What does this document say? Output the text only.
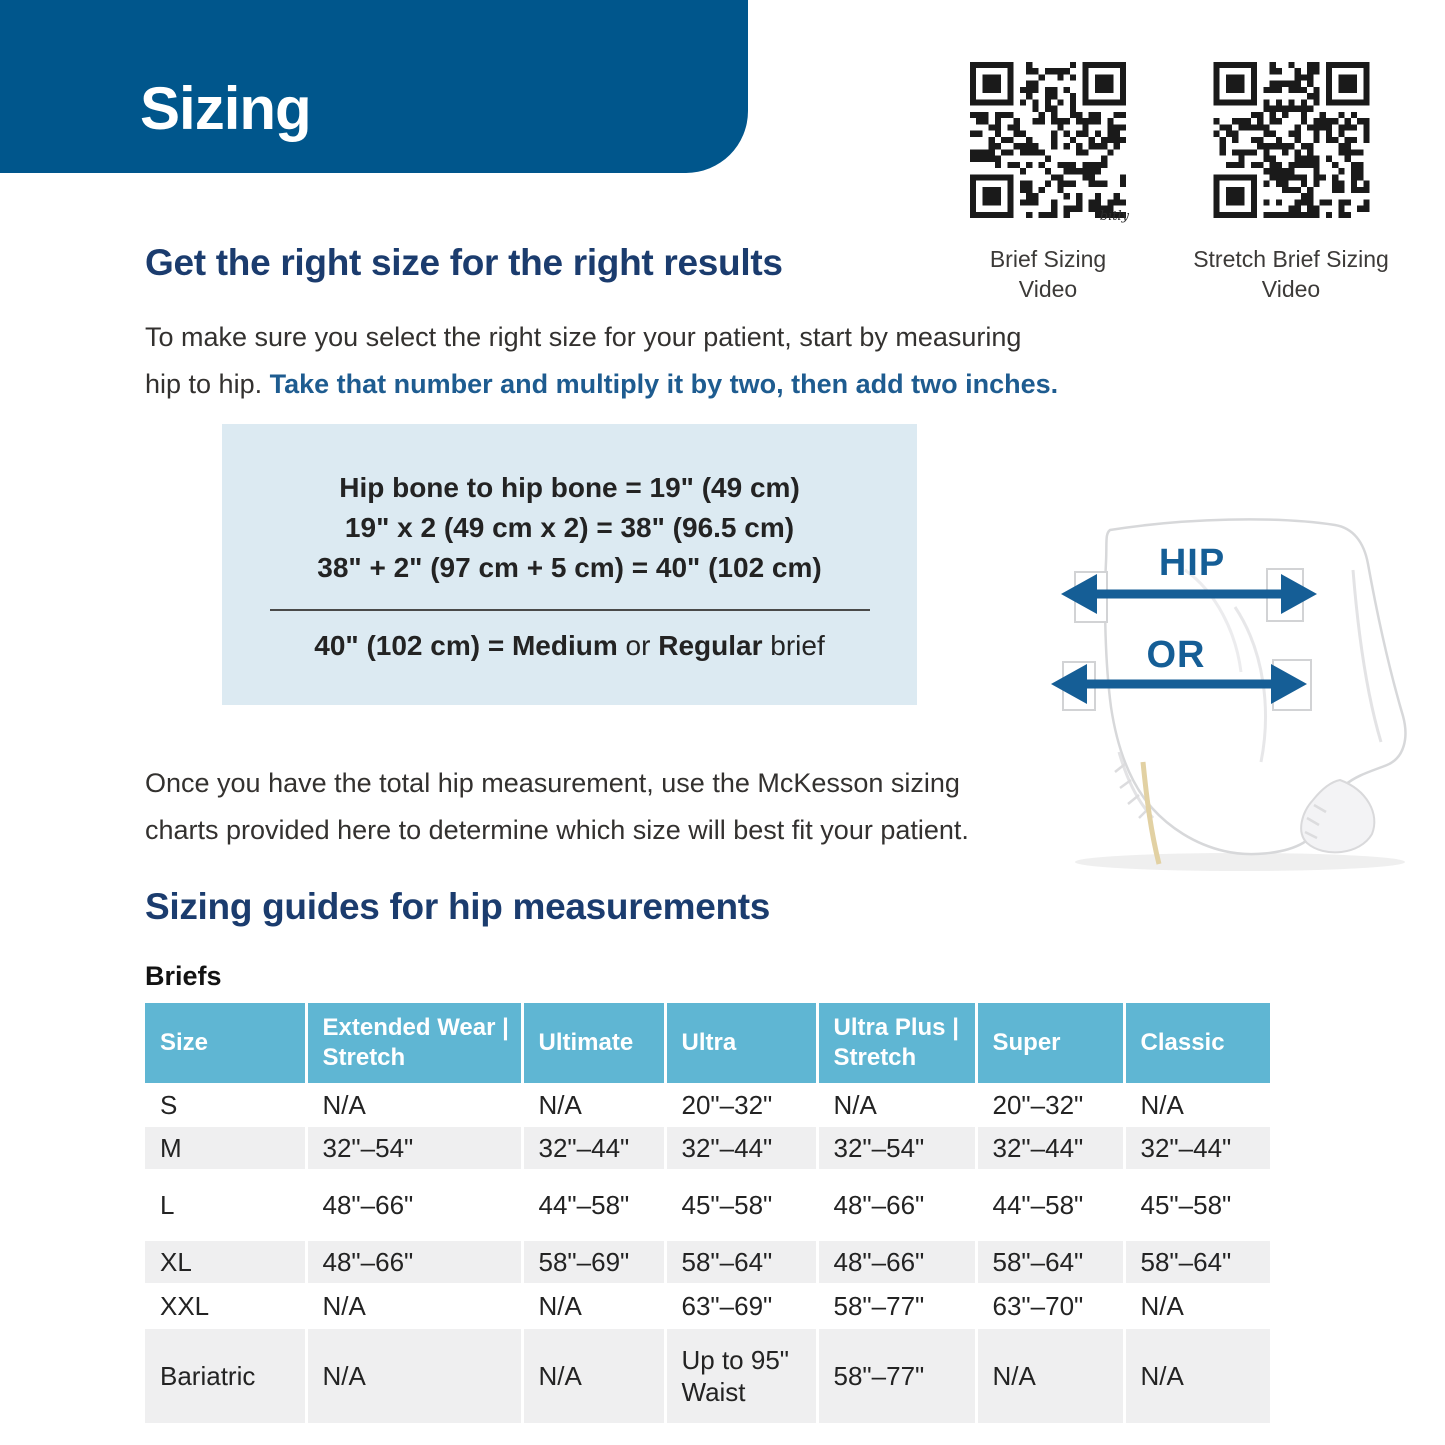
Sizing
bitly
Brief Sizing Video
Stretch Brief Sizing Video
Get the right size for the right results
To make sure you select the right size for your patient, start by measuring
hip to hip. Take that number and multiply it by two, then add two inches.
Hip bone to hip bone = 19" (49 cm)
19" x 2 (49 cm x 2) = 38" (96.5 cm)
38" + 2" (97 cm + 5 cm) = 40" (102 cm)
40" (102 cm) = Medium or Regular brief
HIP
OR
Once you have the total hip measurement, use the McKesson sizing
charts provided here to determine which size will best fit your patient.
Sizing guides for hip measurements
Briefs
Size	Extended Wear | Stretch	Ultimate	Ultra	Ultra Plus | Stretch	Super	Classic
S	N/A	N/A	20"–32"	N/A	20"–32"	N/A
M	32"–54"	32"–44"	32"–44"	32"–54"	32"–44"	32"–44"
L	48"–66"	44"–58"	45"–58"	48"–66"	44"–58"	45"–58"
XL	48"–66"	58"–69"	58"–64"	48"–66"	58"–64"	58"–64"
XXL	N/A	N/A	63"–69"	58"–77"	63"–70"	N/A
Bariatric	N/A	N/A	Up to 95" Waist	58"–77"	N/A	N/A
